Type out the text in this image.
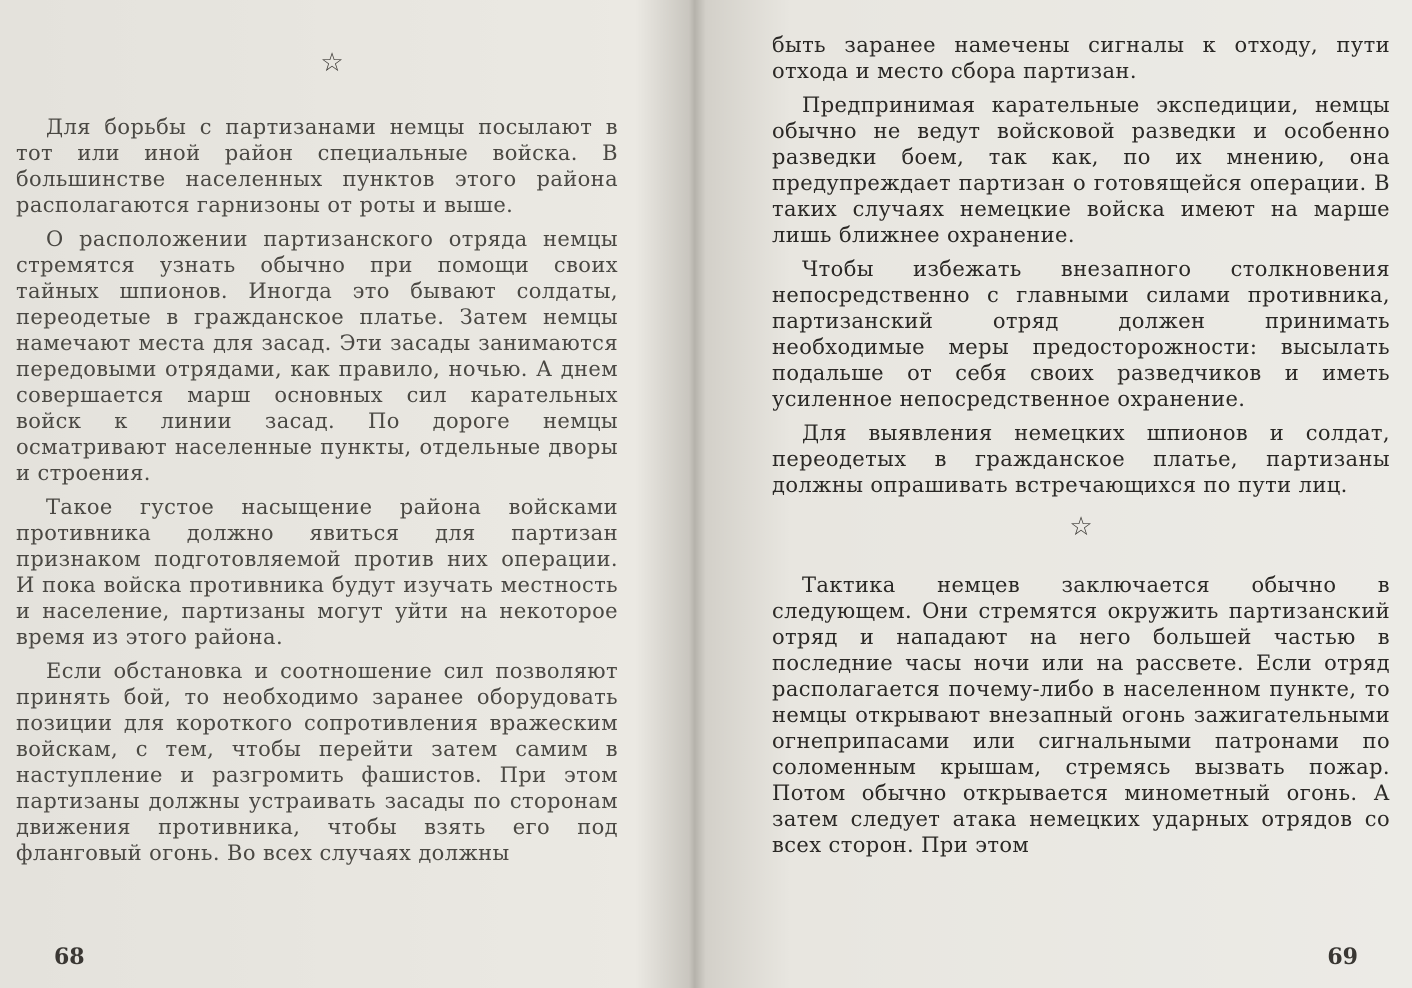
☆

Для борьбы с партизанами немцы посылают в тот или иной район специальные войска. В большинстве населенных пунктов этого района располагаются гарнизоны от роты и выше.

О расположении партизанского отряда немцы стремятся узнать обычно при помощи своих тайных шпионов. Иногда это бывают солдаты, переодетые в гражданское платье. Затем немцы намечают места для засад. Эти засады занимаются передовыми отрядами, как правило, ночью. А днем совершается марш основных сил карательных войск к линии засад. По дороге немцы осматривают населенные пункты, отдельные дворы и строения.

Такое густое насыщение района войсками противника должно явиться для партизан признаком подготовляемой против них операции. И пока войска противника будут изучать местность и население, партизаны могут уйти на некоторое время из этого района.

Если обстановка и соотношение сил позволяют принять бой, то необходимо заранее оборудовать позиции для короткого сопротивления вражеским войскам, с тем, чтобы перейти затем самим в наступление и разгромить фашистов. При этом партизаны должны устраивать засады по сторонам движения противника, чтобы взять его под фланговый огонь. Во всех случаях должны

68

быть заранее намечены сигналы к отходу, пути отхода и место сбора партизан.

Предпринимая карательные экспедиции, немцы обычно не ведут войсковой разведки и особенно разведки боем, так как, по их мнению, она предупреждает партизан о готовящейся операции. В таких случаях немецкие войска имеют на марше лишь ближнее охранение.

Чтобы избежать внезапного столкновения непосредственно с главными силами противника, партизанский отряд должен принимать необходимые меры предосторожности: высылать подальше от себя своих разведчиков и иметь усиленное непосредственное охранение.

Для выявления немецких шпионов и солдат, переодетых в гражданское платье, партизаны должны опрашивать встречающихся по пути лиц.

☆

Тактика немцев заключается обычно в следующем. Они стремятся окружить партизанский отряд и нападают на него большей частью в последние часы ночи или на рассвете. Если отряд располагается почему-либо в населенном пункте, то немцы открывают внезапный огонь зажигательными огнеприпасами или сигнальными патронами по соломенным крышам, стремясь вызвать пожар. Потом обычно открывается минометный огонь. А затем следует атака немецких ударных отрядов со всех сторон. При этом

69
